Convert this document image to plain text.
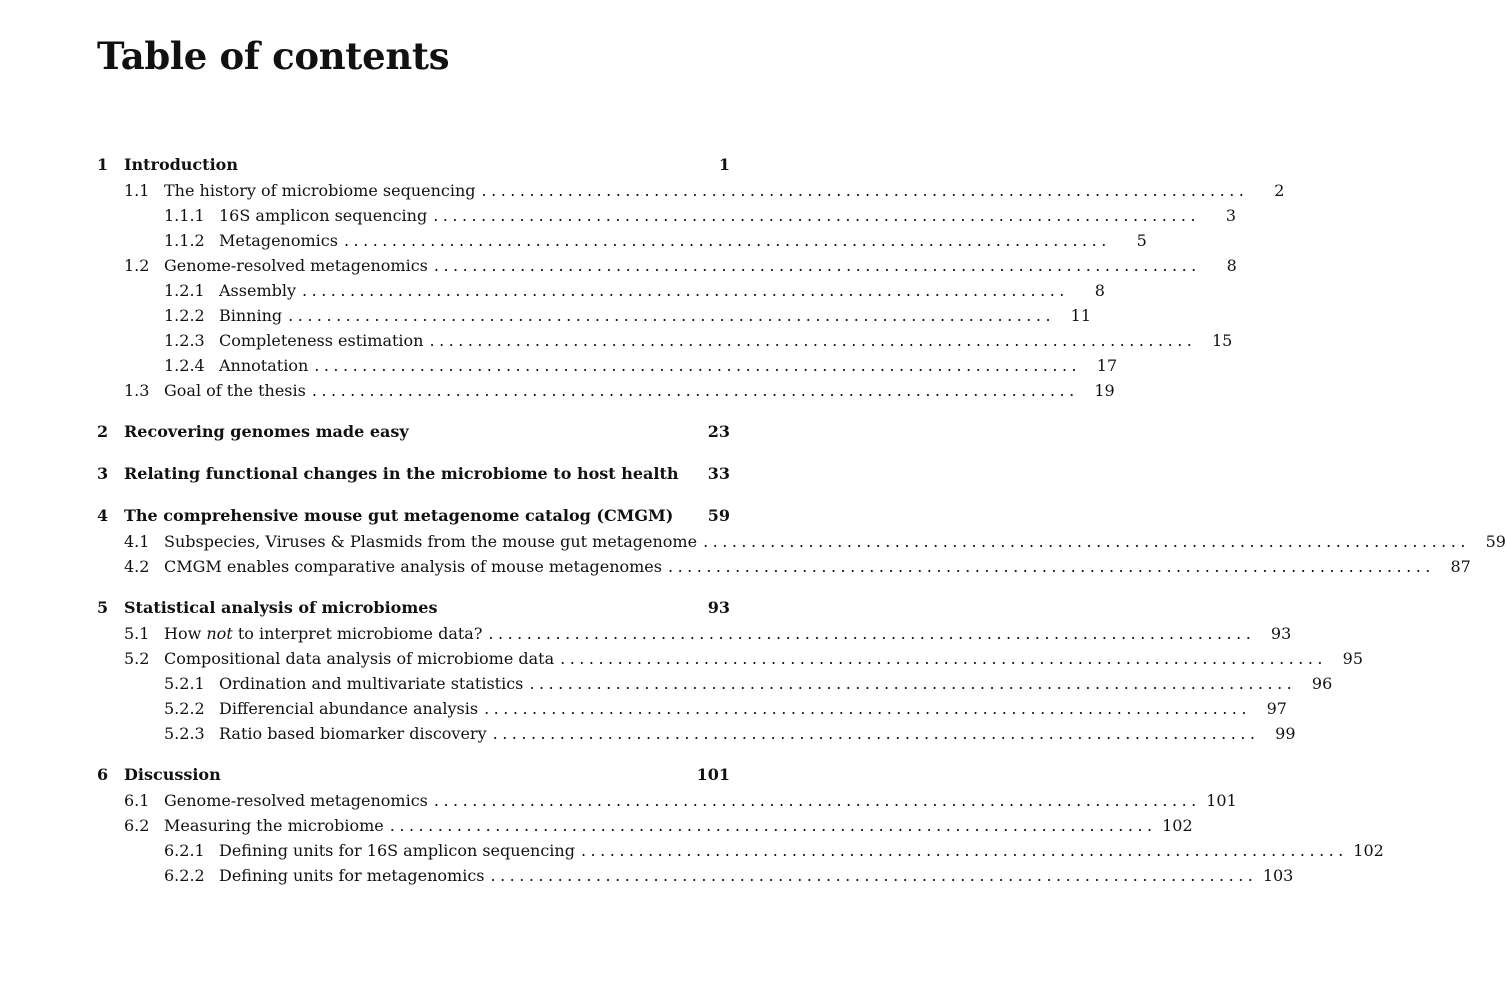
Table of contents
1 Introduction	1
1.1 The history of microbiome sequencing ................................................................................	2
1.1.1 16S amplicon sequencing ................................................................................	3
1.1.2 Metagenomics ................................................................................	5
1.2 Genome-resolved metagenomics ................................................................................	8
1.2.1 Assembly ................................................................................	8
1.2.2 Binning ................................................................................ 11
1.2.3 Completeness estimation ................................................................................ 15
1.2.4 Annotation ................................................................................ 17
1.3 Goal of the thesis ................................................................................ 19
2 Recovering genomes made easy	23
3 Relating functional changes in the microbiome to host health	33
4 The comprehensive mouse gut metagenome catalog (CMGM)	59
4.1 Subspecies, Viruses & Plasmids from the mouse gut metagenome ................................................................................ 59
4.2 CMGM enables comparative analysis of mouse metagenomes ................................................................................ 87
5 Statistical analysis of microbiomes	93
5.1 How not to interpret microbiome data? ................................................................................ 93
5.2 Compositional data analysis of microbiome data ................................................................................ 95
5.2.1 Ordination and multivariate statistics ................................................................................ 96
5.2.2 Differencial abundance analysis ................................................................................ 97
5.2.3 Ratio based biomarker discovery ................................................................................ 99
6 Discussion	101
6.1 Genome-resolved metagenomics ................................................................................ 101
6.2 Measuring the microbiome ................................................................................ 102
6.2.1 Defining units for 16S amplicon sequencing ................................................................................ 102
6.2.2 Defining units for metagenomics ................................................................................ 103
